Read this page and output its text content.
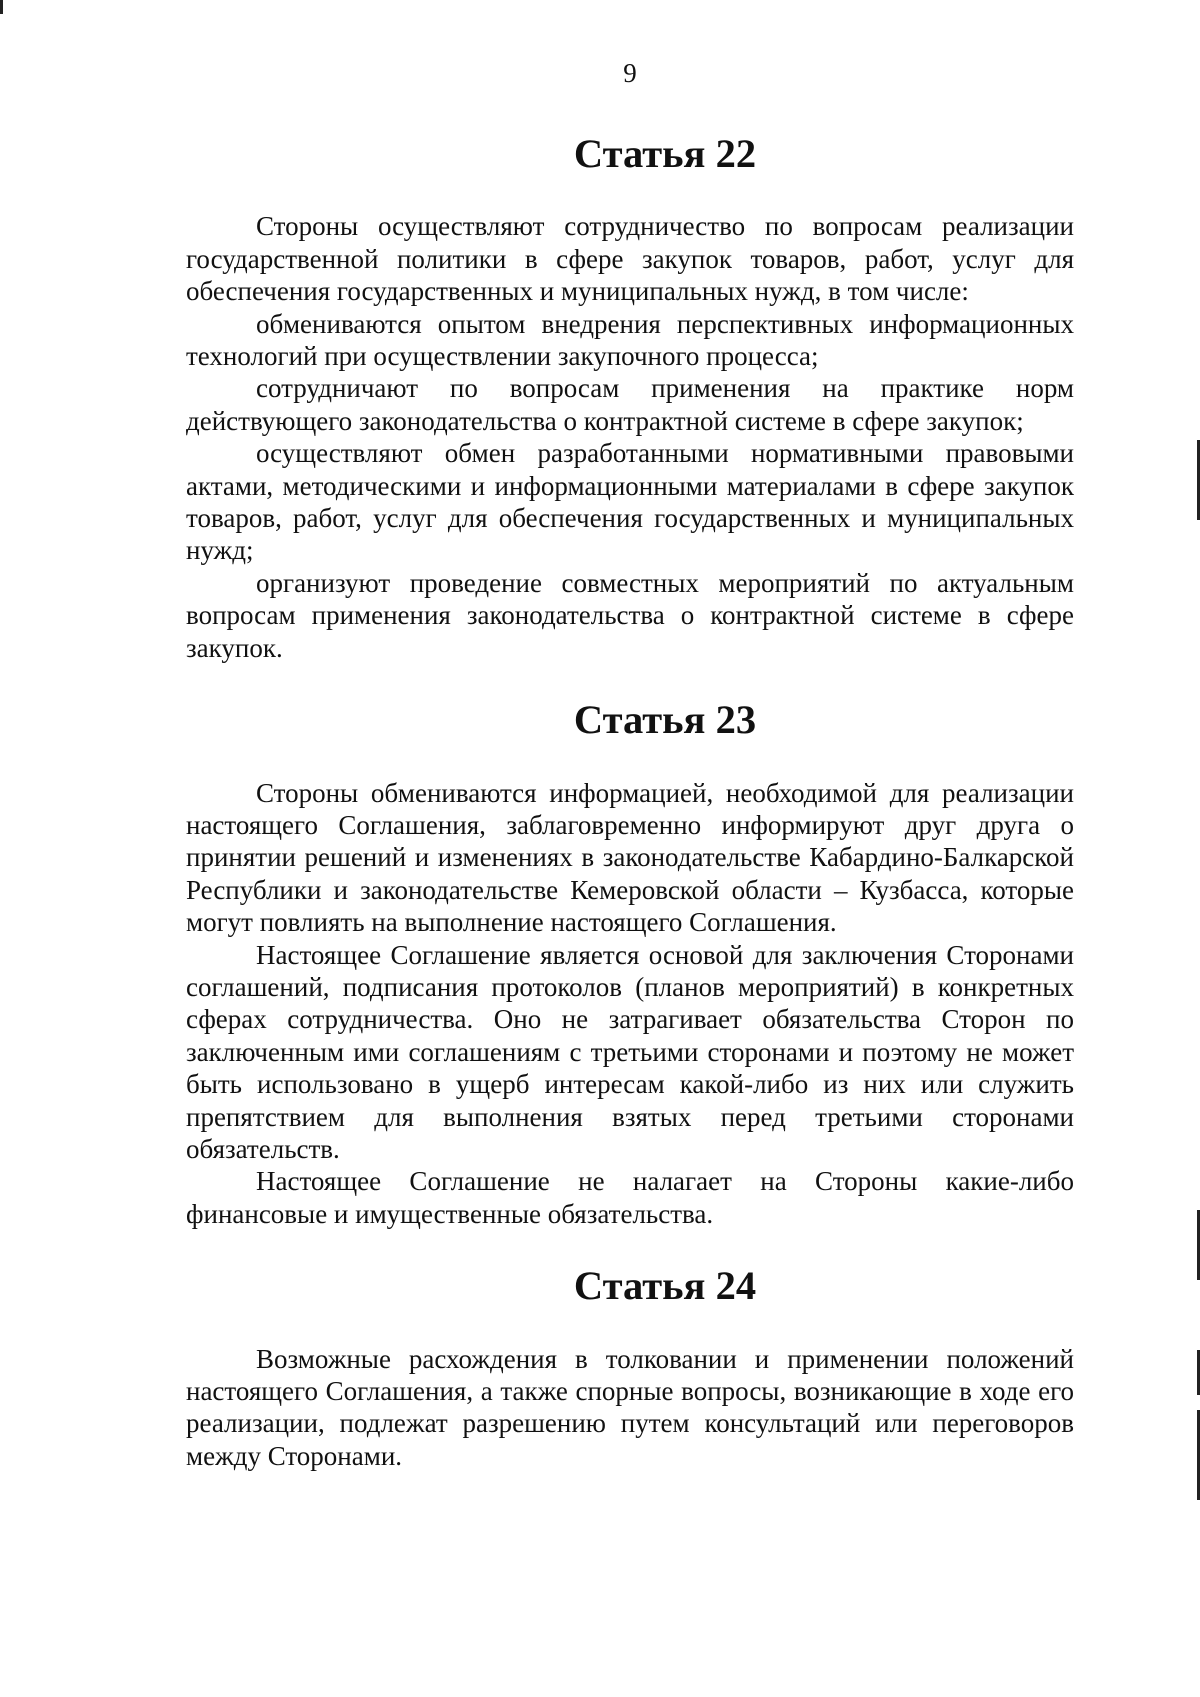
9
Статья 22

Стороны осуществляют сотрудничество по вопросам реализации государственной политики в сфере закупок товаров, работ, услуг для обеспечения государственных и муниципальных нужд, в том числе:

обмениваются опытом внедрения перспективных информационных технологий при осуществлении закупочного процесса;

сотрудничают по вопросам применения на практике норм действующего законодательства о контрактной системе в сфере закупок;

осуществляют обмен разработанными нормативными правовыми актами, методическими и информационными материалами в сфере закупок товаров, работ, услуг для обеспечения государственных и муниципальных нужд;

организуют проведение совместных мероприятий по актуальным вопросам применения законодательства о контрактной системе в сфере закупок.

Статья 23

Стороны обмениваются информацией, необходимой для реализации настоящего Соглашения, заблаговременно информируют друг друга о принятии решений и изменениях в законодательстве Кабардино-Балкарской Республики и законодательстве Кемеровской области – Кузбасса, которые могут повлиять на выполнение настоящего Соглашения.

Настоящее Соглашение является основой для заключения Сторонами соглашений, подписания протоколов (планов мероприятий) в конкретных сферах сотрудничества. Оно не затрагивает обязательства Сторон по заключенным ими соглашениям с третьими сторонами и поэтому не может быть использовано в ущерб интересам какой-либо из них или служить препятствием для выполнения взятых перед третьими сторонами обязательств.

Настоящее Соглашение не налагает на Стороны какие-либо финансовые и имущественные обязательства.

Статья 24

Возможные расхождения в толковании и применении положений настоящего Соглашения, а также спорные вопросы, возникающие в ходе его реализации, подлежат разрешению путем консультаций или переговоров между Сторонами.
